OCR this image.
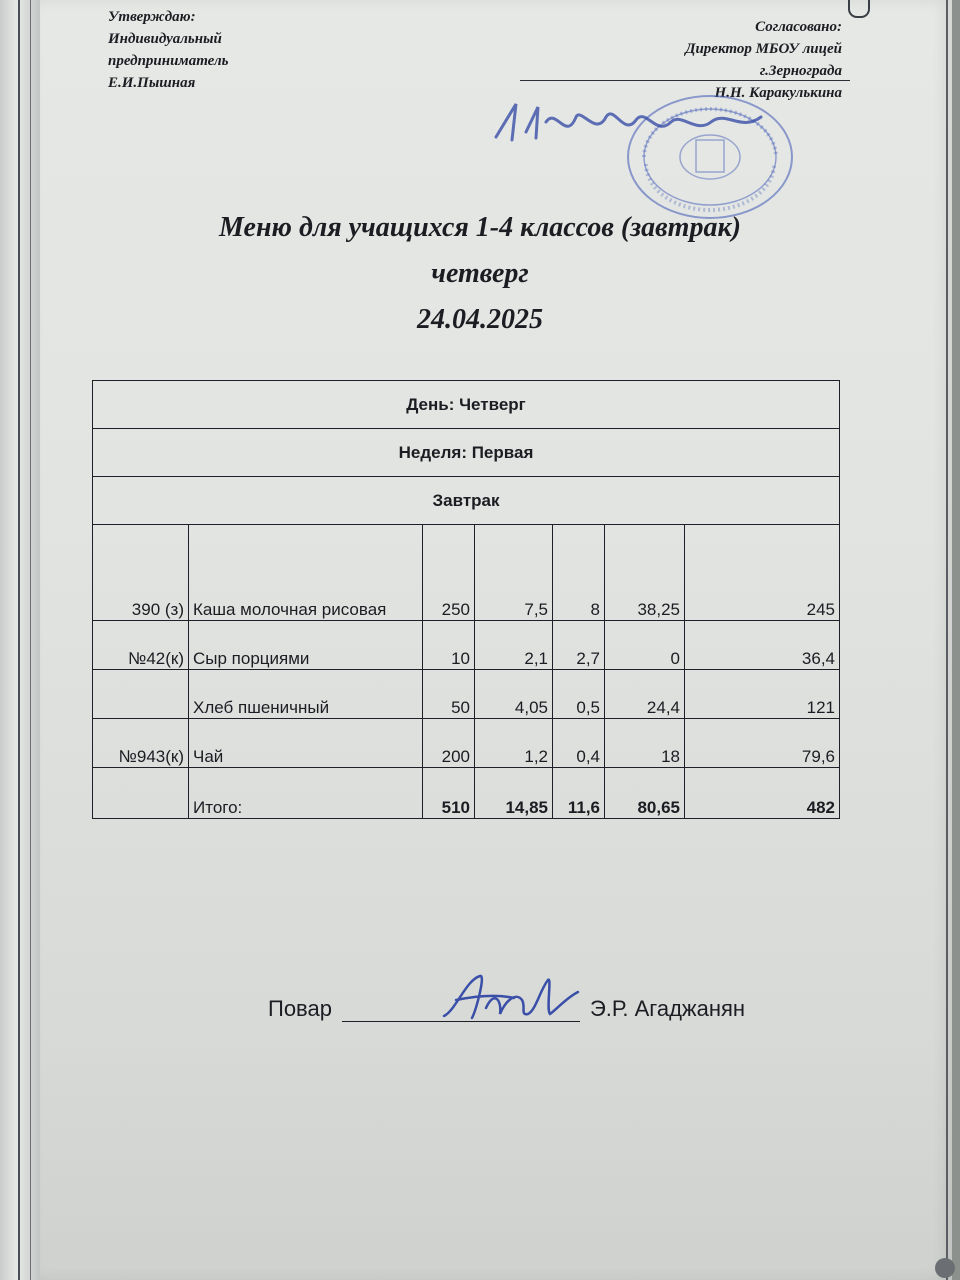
Утверждаю:
Индивидуальный
предприниматель
Е.И.Пышная
Согласовано:
Директор МБОУ лицей
г.Зернограда
Н.Н. Каракулькина
Меню для учащихся 1-4 классов (завтрак)
четверг
24.04.2025
День: Четверг						
Неделя: Первая						
Завтрак						
390 (з)	Каша молочная рисовая	250	7,5	8	38,25	245
№42(к)	Сыр порциями	10	2,1	2,7	0	36,4
	Хлеб пшеничный	50	4,05	0,5	24,4	121
№943(к)	Чай	200	1,2	0,4	18	79,6
	Итого:	510	14,85	11,6	80,65	482
Повар	Э.Р. Агаджанян
